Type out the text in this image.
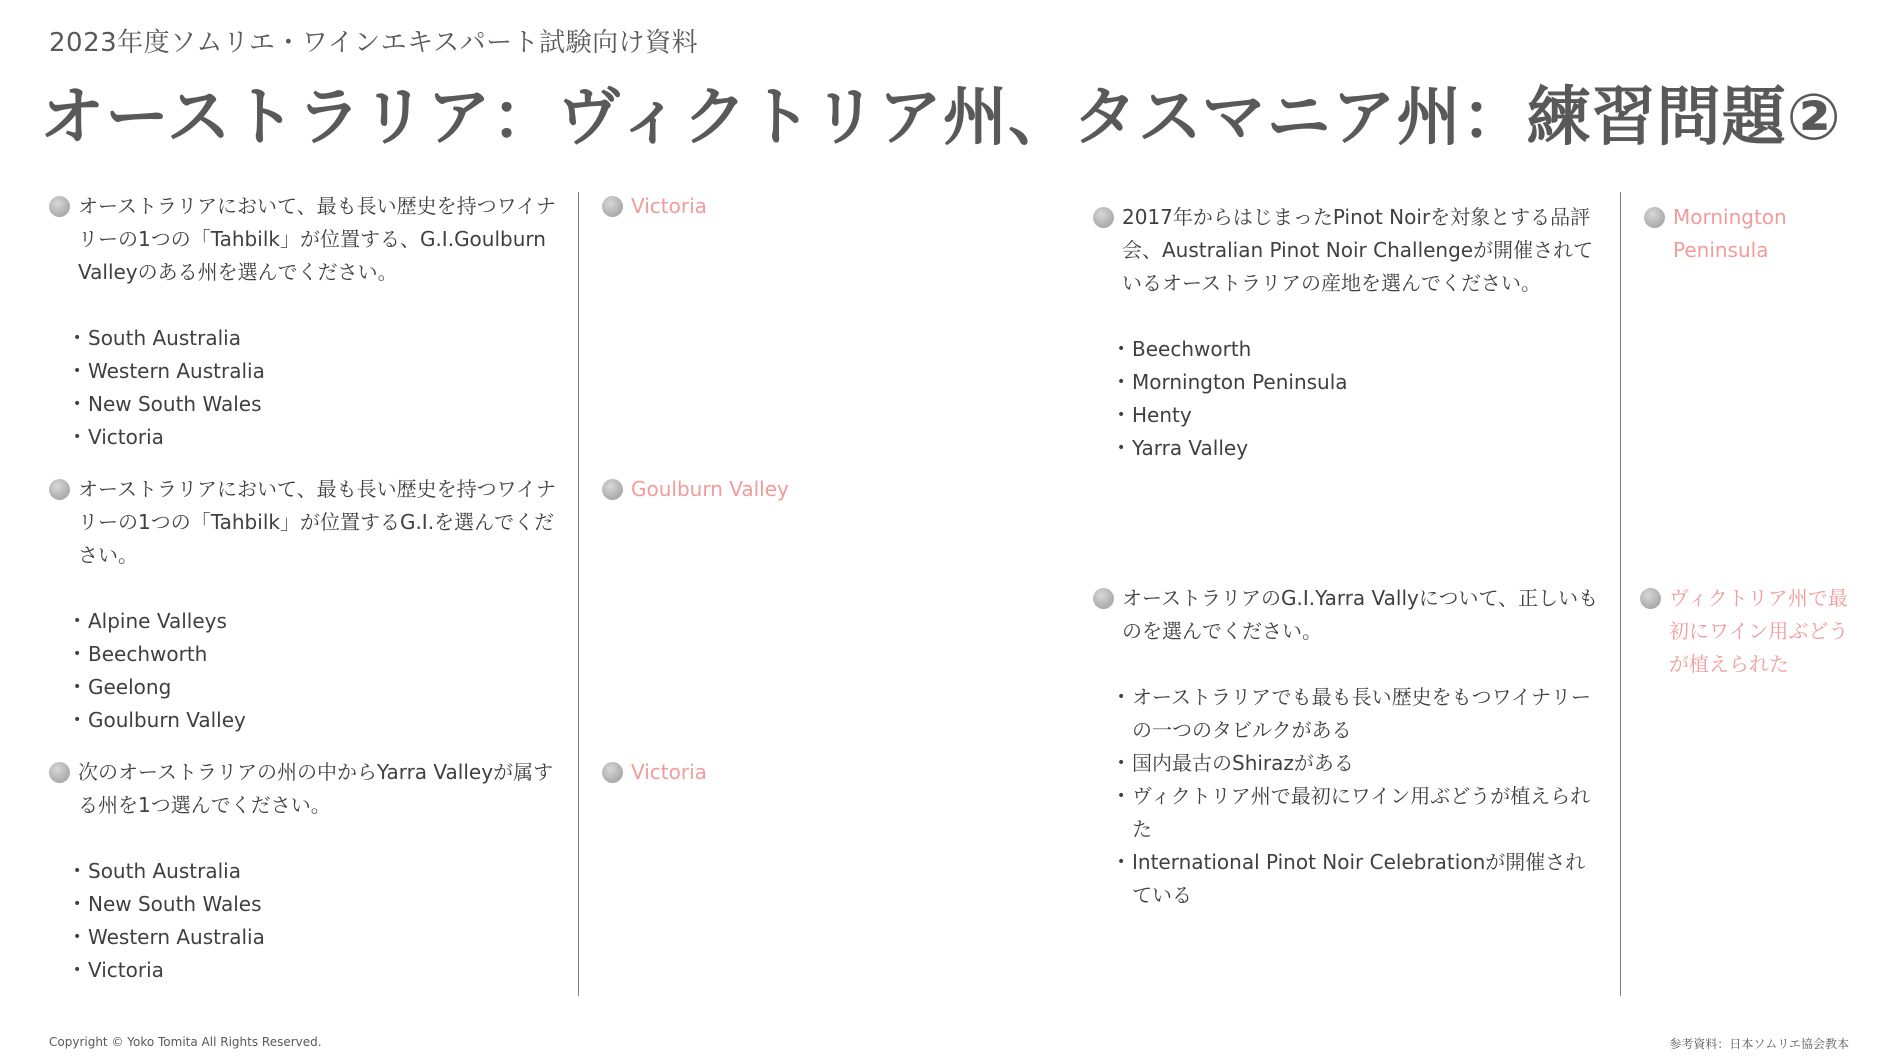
2023年度ソムリエ・ワインエキスパート試験向け資料
オーストラリア：ヴィクトリア州、タスマニア州：練習問題②
オーストラリアにおいて、最も長い歴史を持つワイナリーの1つの「Tahbilk」が位置する、G.I.Goulburn Valleyのある州を選んでください。
• South Australia
• Western Australia
• New South Wales
• Victoria
Victoria
オーストラリアにおいて、最も長い歴史を持つワイナリーの1つの「Tahbilk」が位置するG.I.を選んでください。
• Alpine Valleys
• Beechworth
• Geelong
• Goulburn Valley
Goulburn Valley
次のオーストラリアの州の中からYarra Valleyが属する州を1つ選んでください。
• South Australia
• New South Wales
• Western Australia
• Victoria
Victoria
2017年からはじまったPinot Noirを対象とする品評会、Australian Pinot Noir Challengeが開催されているオーストラリアの産地を選んでください。
• Beechworth
• Mornington Peninsula
• Henty
• Yarra Valley
Mornington Peninsula
オーストラリアのG.I.Yarra Vallyについて、正しいものを選んでください。
• オーストラリアでも最も長い歴史をもつワイナリーの一つのタビルクがある
• 国内最古のShirazがある
• ヴィクトリア州で最初にワイン用ぶどうが植えられた
• International Pinot Noir Celebrationが開催されている
ヴィクトリア州で最初にワイン用ぶどうが植えられた
Copyright © Yoko Tomita All Rights Reserved.	参考資料：日本ソムリエ協会教本
